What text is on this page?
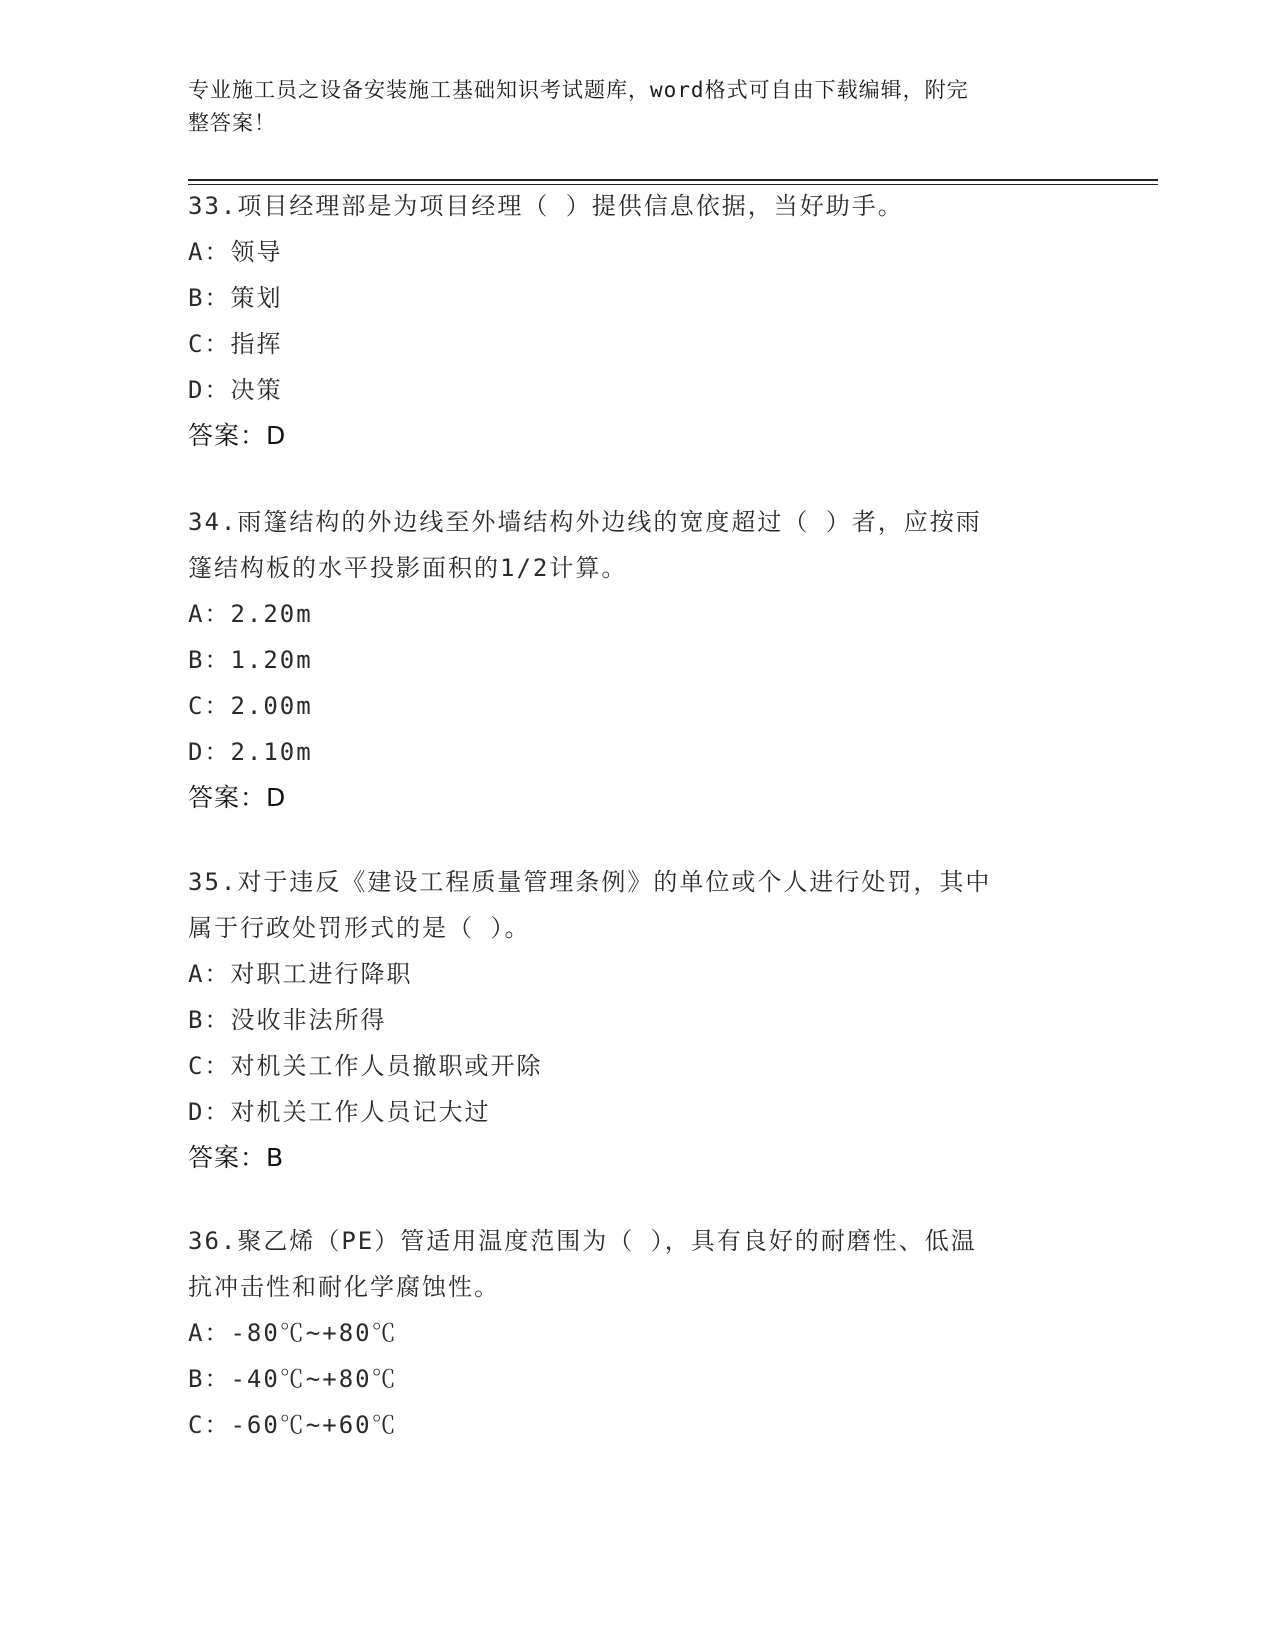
专业施工员之设备安装施工基础知识考试题库，word格式可自由下载编辑，附完
整答案！
33.项目经理部是为项目经理（ ）提供信息依据，当好助手。
A：领导
B：策划
C：指挥
D：决策
答案：D
34.雨篷结构的外边线至外墙结构外边线的宽度超过（ ）者，应按雨
篷结构板的水平投影面积的1/2计算。
A：2.20m
B：1.20m
C：2.00m
D：2.10m
答案：D
35.对于违反《建设工程质量管理条例》的单位或个人进行处罚，其中
属于行政处罚形式的是（ ）。
A：对职工进行降职
B：没收非法所得
C：对机关工作人员撤职或开除
D：对机关工作人员记大过
答案：B
36.聚乙烯（PE）管适用温度范围为（ ），具有良好的耐磨性、低温
抗冲击性和耐化学腐蚀性。
A：-80℃~+80℃
B：-40℃~+80℃
C：-60℃~+60℃
